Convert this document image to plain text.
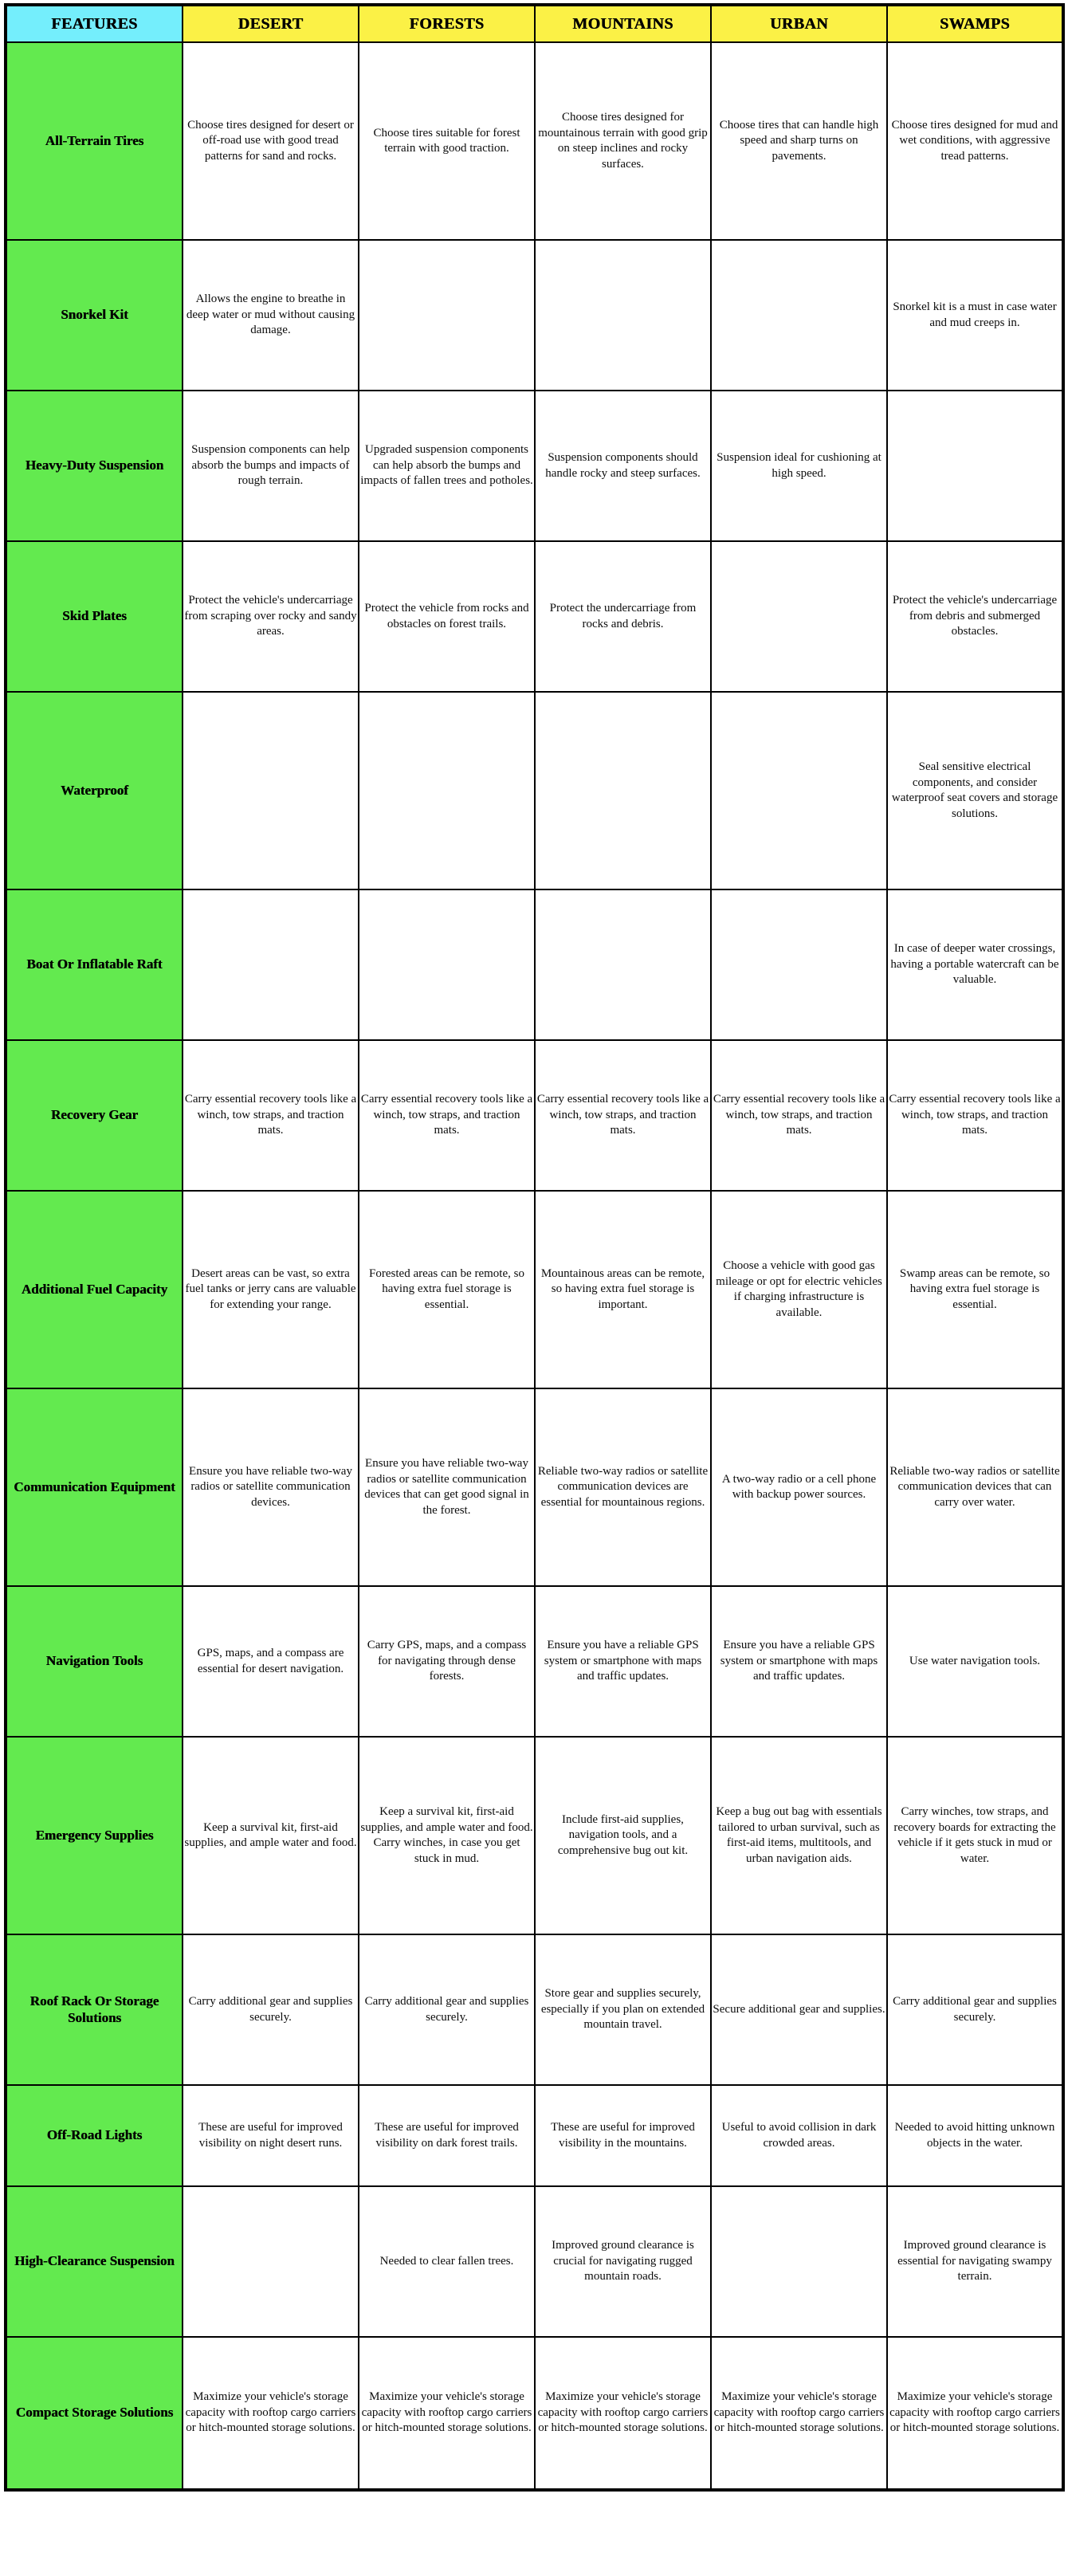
FEATURES	DESERT	FORESTS	MOUNTAINS	URBAN	SWAMPS
All-Terrain Tires	Choose tires designed for desert or off-road use with good tread patterns for sand and rocks.	Choose tires suitable for forest terrain with good traction.	Choose tires designed for mountainous terrain with good grip on steep inclines and rocky surfaces.	Choose tires that can handle high speed and sharp turns on pavements.	Choose tires designed for mud and wet conditions, with aggressive tread patterns.
Snorkel Kit	Allows the engine to breathe in deep water or mud without causing damage.				Snorkel kit is a must in case water and mud creeps in.
Heavy-Duty Suspension	Suspension components can help absorb the bumps and impacts of rough terrain.	Upgraded suspension components can help absorb the bumps and impacts of fallen trees and potholes.	Suspension components should handle rocky and steep surfaces.	Suspension ideal for cushioning at high speed.	
Skid Plates	Protect the vehicle's undercarriage from scraping over rocky and sandy areas.	Protect the vehicle from rocks and obstacles on forest trails.	Protect the undercarriage from rocks and debris.		Protect the vehicle's undercarriage from debris and submerged obstacles.
Waterproof					Seal sensitive electrical components, and consider waterproof seat covers and storage solutions.
Boat Or Inflatable Raft					In case of deeper water crossings, having a portable watercraft can be valuable.
Recovery Gear	Carry essential recovery tools like a winch, tow straps, and traction mats.	Carry essential recovery tools like a winch, tow straps, and traction mats.	Carry essential recovery tools like a winch, tow straps, and traction mats.	Carry essential recovery tools like a winch, tow straps, and traction mats.	Carry essential recovery tools like a winch, tow straps, and traction mats.
Additional Fuel Capacity	Desert areas can be vast, so extra fuel tanks or jerry cans are valuable for extending your range.	Forested areas can be remote, so having extra fuel storage is essential.	Mountainous areas can be remote, so having extra fuel storage is important.	Choose a vehicle with good gas mileage or opt for electric vehicles if charging infrastructure is available.	Swamp areas can be remote, so having extra fuel storage is essential.
Communication Equipment	Ensure you have reliable two-way radios or satellite communication devices.	Ensure you have reliable two-way radios or satellite communication devices that can get good signal in the forest.	Reliable two-way radios or satellite communication devices are essential for mountainous regions.	A two-way radio or a cell phone with backup power sources.	Reliable two-way radios or satellite communication devices that can carry over water.
Navigation Tools	GPS, maps, and a compass are essential for desert navigation.	Carry GPS, maps, and a compass for navigating through dense forests.	Ensure you have a reliable GPS system or smartphone with maps and traffic updates.	Ensure you have a reliable GPS system or smartphone with maps and traffic updates.	Use water navigation tools.
Emergency Supplies	Keep a survival kit, first-aid supplies, and ample water and food.	Keep a survival kit, first-aid supplies, and ample water and food. Carry winches, in case you get stuck in mud.	Include first-aid supplies, navigation tools, and a comprehensive bug out kit.	Keep a bug out bag with essentials tailored to urban survival, such as first-aid items, multitools, and urban navigation aids.	Carry winches, tow straps, and recovery boards for extracting the vehicle if it gets stuck in mud or water.
Roof Rack Or Storage Solutions	Carry additional gear and supplies securely.	Carry additional gear and supplies securely.	Store gear and supplies securely, especially if you plan on extended mountain travel.	Secure additional gear and supplies.	Carry additional gear and supplies securely.
Off-Road Lights	These are useful for improved visibility on night desert runs.	These are useful for improved visibility on dark forest trails.	These are useful for improved visibility in the mountains.	Useful to avoid collision in dark crowded areas.	Needed to avoid hitting unknown objects in the water.
High-Clearance Suspension		Needed to clear fallen trees.	Improved ground clearance is crucial for navigating rugged mountain roads.		Improved ground clearance is essential for navigating swampy terrain.
Compact Storage Solutions	Maximize your vehicle's storage capacity with rooftop cargo carriers or hitch-mounted storage solutions.	Maximize your vehicle's storage capacity with rooftop cargo carriers or hitch-mounted storage solutions.	Maximize your vehicle's storage capacity with rooftop cargo carriers or hitch-mounted storage solutions.	Maximize your vehicle's storage capacity with rooftop cargo carriers or hitch-mounted storage solutions.	Maximize your vehicle's storage capacity with rooftop cargo carriers or hitch-mounted storage solutions.
